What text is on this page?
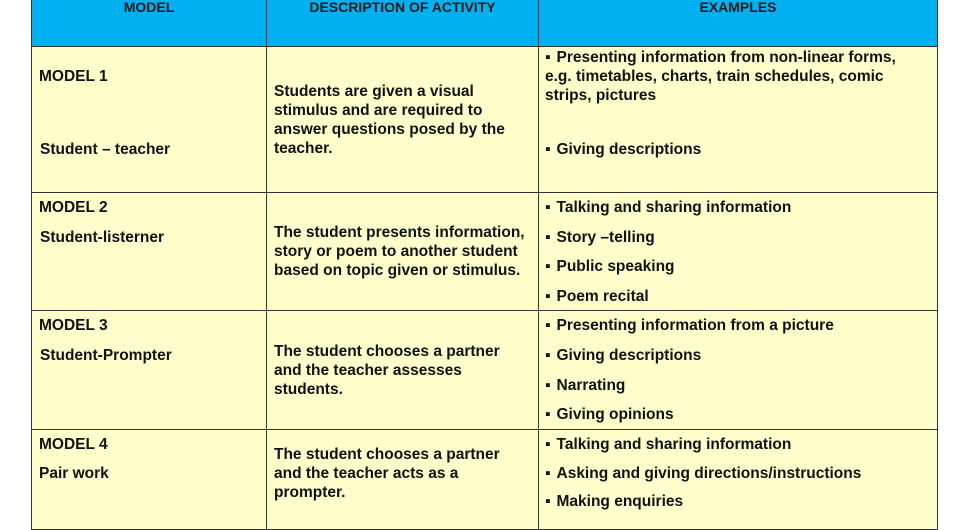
MODEL	DESCRIPTION OF ACTIVITY	EXAMPLES

MODEL 1
Student – teacher	Students are given a visual
stimulus and are required to
answer questions posed by the
teacher.	▪ Presenting information from non-linear forms,
e.g. timetables, charts, train schedules, comic
strips, pictures
▪ Giving descriptions

MODEL 2
Student-listerner	The student presents information,
story or poem to another student
based on topic given or stimulus.	▪ Talking and sharing information
▪ Story –telling
▪ Public speaking
▪ Poem recital

MODEL 3
Student-Prompter	The student chooses a partner
and the teacher assesses
students.	▪ Presenting information from a picture
▪ Giving descriptions
▪ Narrating
▪ Giving opinions

MODEL 4
Pair work	The student chooses a partner
and the teacher acts as a
prompter.	▪ Talking and sharing information
▪ Asking and giving directions/instructions
▪ Making enquiries
